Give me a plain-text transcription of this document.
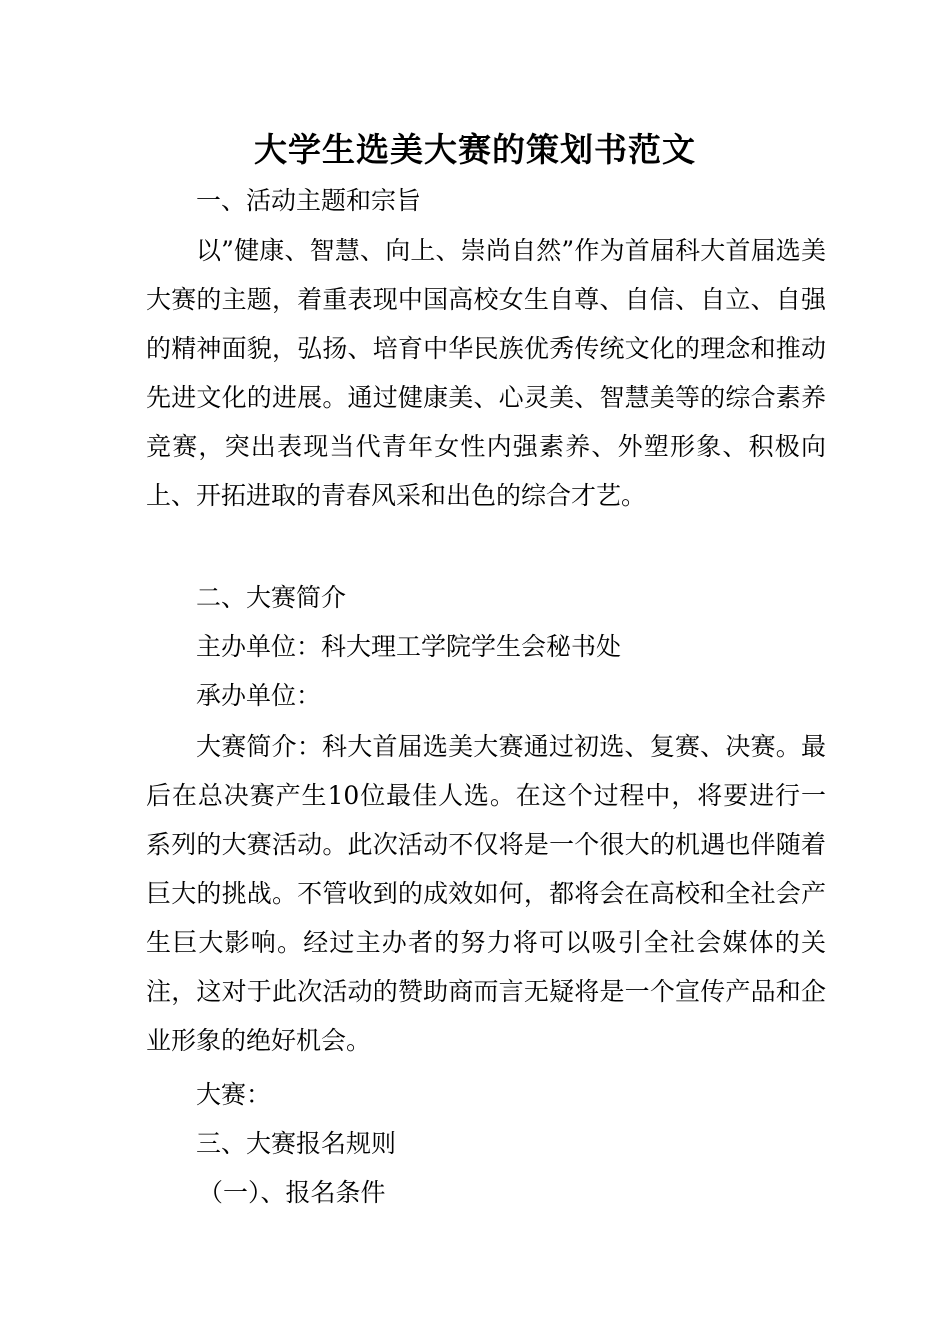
大学生选美大赛的策划书范文
一、活动主题和宗旨

以”健康、智慧、向上、崇尚自然”作为首届科大首届选美大赛的主题，着重表现中国高校女生自尊、自信、自立、自强的精神面貌，弘扬、培育中华民族优秀传统文化的理念和推动先进文化的进展。通过健康美、心灵美、智慧美等的综合素养竞赛，突出表现当代青年女性内强素养、外塑形象、积极向上、开拓进取的青春风采和出色的综合才艺。

二、大赛简介
主办单位：科大理工学院学生会秘书处
承办单位：

大赛简介：科大首届选美大赛通过初选、复赛、决赛。最后在总决赛产生10位最佳人选。在这个过程中，将要进行一系列的大赛活动。此次活动不仅将是一个很大的机遇也伴随着巨大的挑战。不管收到的成效如何，都将会在高校和全社会产生巨大影响。经过主办者的努力将可以吸引全社会媒体的关注，这对于此次活动的赞助商而言无疑将是一个宣传产品和企业形象的绝好机会。

大赛：
三、大赛报名规则
（一）、报名条件
